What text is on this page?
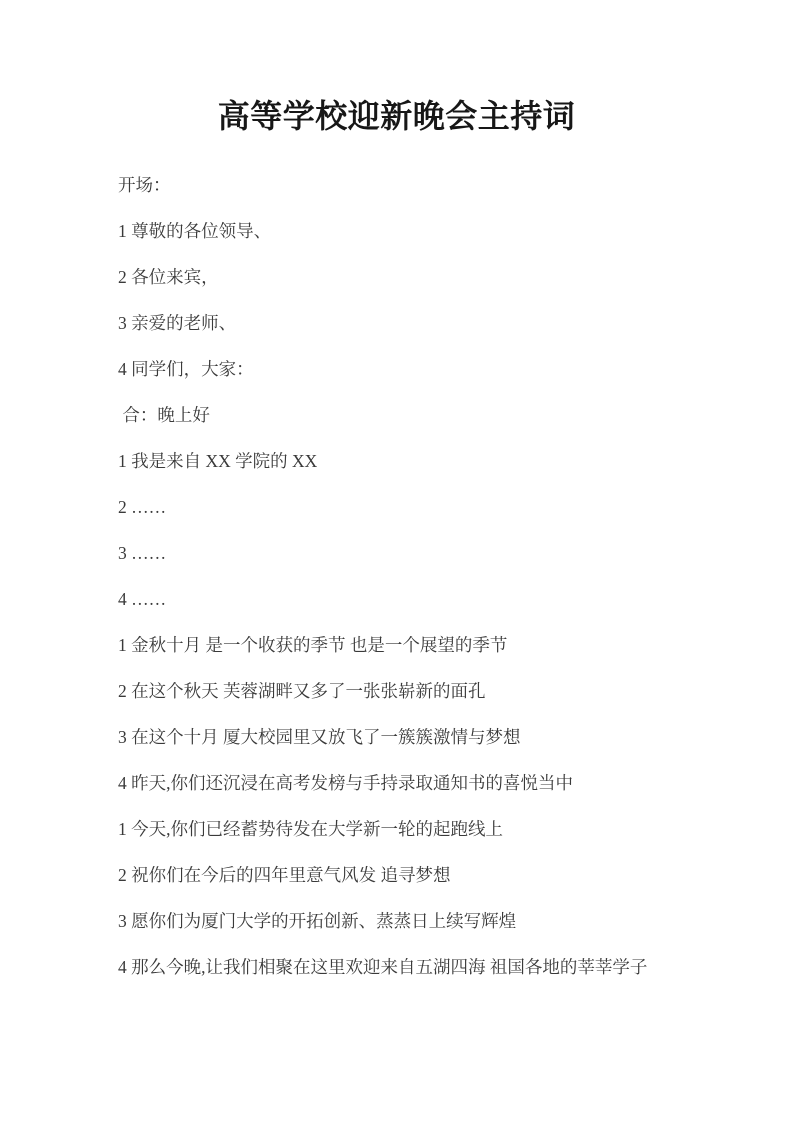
高等学校迎新晚会主持词

开场：

1 尊敬的各位领导、

2 各位来宾，

3 亲爱的老师、

4 同学们，大家：

合：晚上好

1 我是来自 XX 学院的 XX

2 ……

3 ……

4 ……

1 金秋十月 是一个收获的季节 也是一个展望的季节

2 在这个秋天 芙蓉湖畔又多了一张张崭新的面孔

3 在这个十月 厦大校园里又放飞了一簇簇激情与梦想

4 昨天,你们还沉浸在高考发榜与手持录取通知书的喜悦当中

1 今天,你们已经蓄势待发在大学新一轮的起跑线上

2 祝你们在今后的四年里意气风发 追寻梦想

3 愿你们为厦门大学的开拓创新、蒸蒸日上续写辉煌

4 那么今晚,让我们相聚在这里欢迎来自五湖四海 祖国各地的莘莘学子
